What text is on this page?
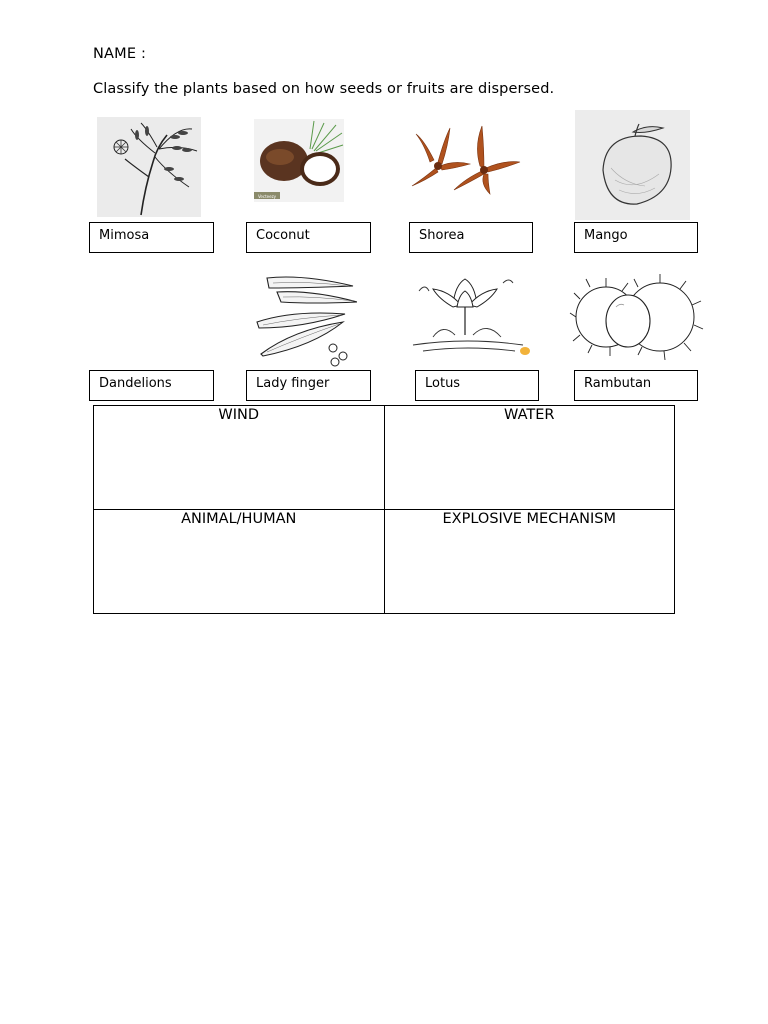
NAME :
Classify the plants based on how seeds or fruits are dispersed.
Vecteezy
Mimosa	Coconut	Shorea	Mango
Dandelions	Lady finger	Lotus	Rambutan
WIND	WATER
ANIMAL/HUMAN	EXPLOSIVE MECHANISM
